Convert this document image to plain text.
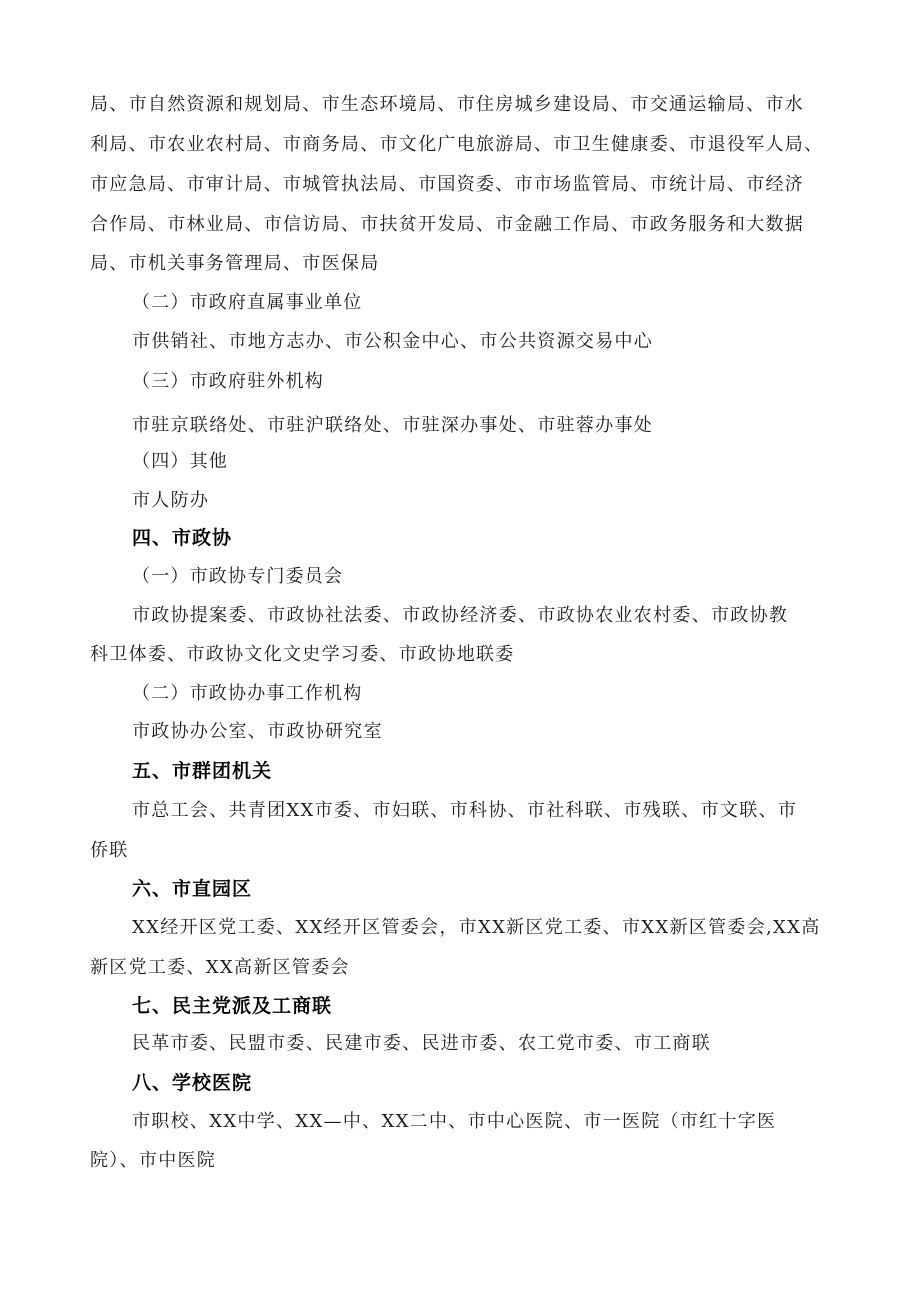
局、市自然资源和规划局、市生态环境局、市住房城乡建设局、市交通运输局、市水
利局、市农业农村局、市商务局、市文化广电旅游局、市卫生健康委、市退役军人局、
市应急局、市审计局、市城管执法局、市国资委、市市场监管局、市统计局、市经济
合作局、市林业局、市信访局、市扶贫开发局、市金融工作局、市政务服务和大数据
局、市机关事务管理局、市医保局
（二）市政府直属事业单位
市供销社、市地方志办、市公积金中心、市公共资源交易中心
（三）市政府驻外机构
市驻京联络处、市驻沪联络处、市驻深办事处、市驻蓉办事处
（四）其他
市人防办
四、市政协
（一）市政协专门委员会
市政协提案委、市政协社法委、市政协经济委、市政协农业农村委、市政协教
科卫体委、市政协文化文史学习委、市政协地联委
（二）市政协办事工作机构
市政协办公室、市政协研究室
五、市群团机关
市总工会、共青团XX市委、市妇联、市科协、市社科联、市残联、市文联、市
侨联
六、市直园区
XX经开区党工委、XX经开区管委会，市XX新区党工委、市XX新区管委会,XX高
新区党工委、XX高新区管委会
七、民主党派及工商联
民革市委、民盟市委、民建市委、民进市委、农工党市委、市工商联
八、学校医院
市职校、XX中学、XX—中、XX二中、市中心医院、市一医院（市红十字医
院）、市中医院
